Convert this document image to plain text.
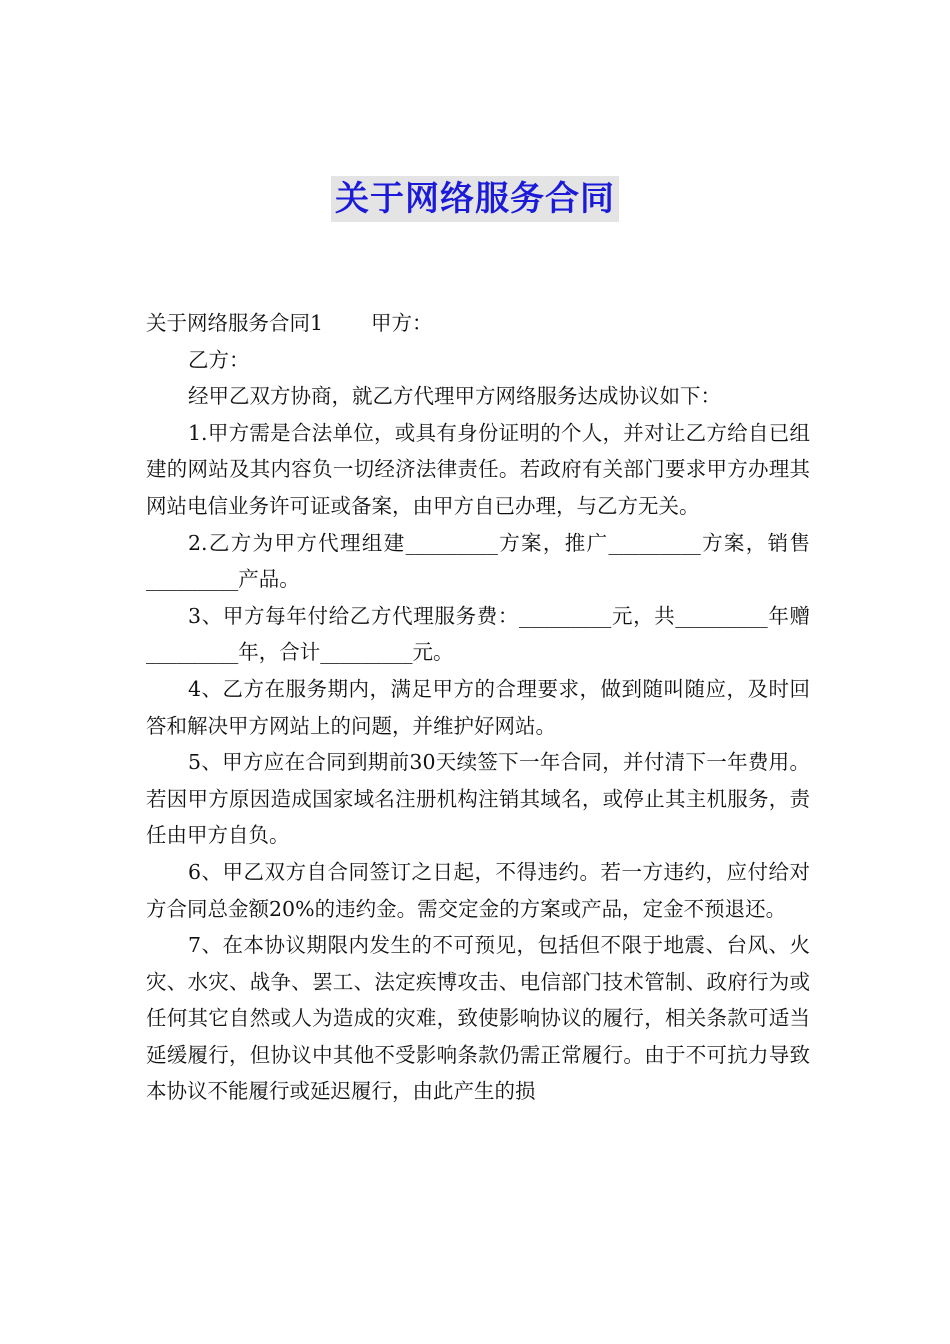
关于网络服务合同

关于网络服务合同1 甲方：

乙方：

经甲乙双方协商，就乙方代理甲方网络服务达成协议如下：

1.甲方需是合法单位，或具有身份证明的个人，并对让乙方给自已组建的网站及其内容负一切经济法律责任。若政府有关部门要求甲方办理其网站电信业务许可证或备案，由甲方自已办理，与乙方无关。

2.乙方为甲方代理组建_________方案，推广_________方案，销售_________产品。

3、甲方每年付给乙方代理服务费：_________元，共_________年赠_________年，合计_________元。

4、乙方在服务期内，满足甲方的合理要求，做到随叫随应，及时回答和解决甲方网站上的问题，并维护好网站。

5、甲方应在合同到期前30天续签下一年合同，并付清下一年费用。若因甲方原因造成国家域名注册机构注销其域名，或停止其主机服务，责任由甲方自负。

6、甲乙双方自合同签订之日起，不得违约。若一方违约，应付给对方合同总金额20%的违约金。需交定金的方案或产品，定金不预退还。

7、在本协议期限内发生的不可预见，包括但不限于地震、台风、火灾、水灾、战争、罢工、法定疾博攻击、电信部门技术管制、政府行为或任何其它自然或人为造成的灾难，致使影响协议的履行，相关条款可适当延缓履行，但协议中其他不受影响条款仍需正常履行。由于不可抗力导致本协议不能履行或延迟履行，由此产生的损
